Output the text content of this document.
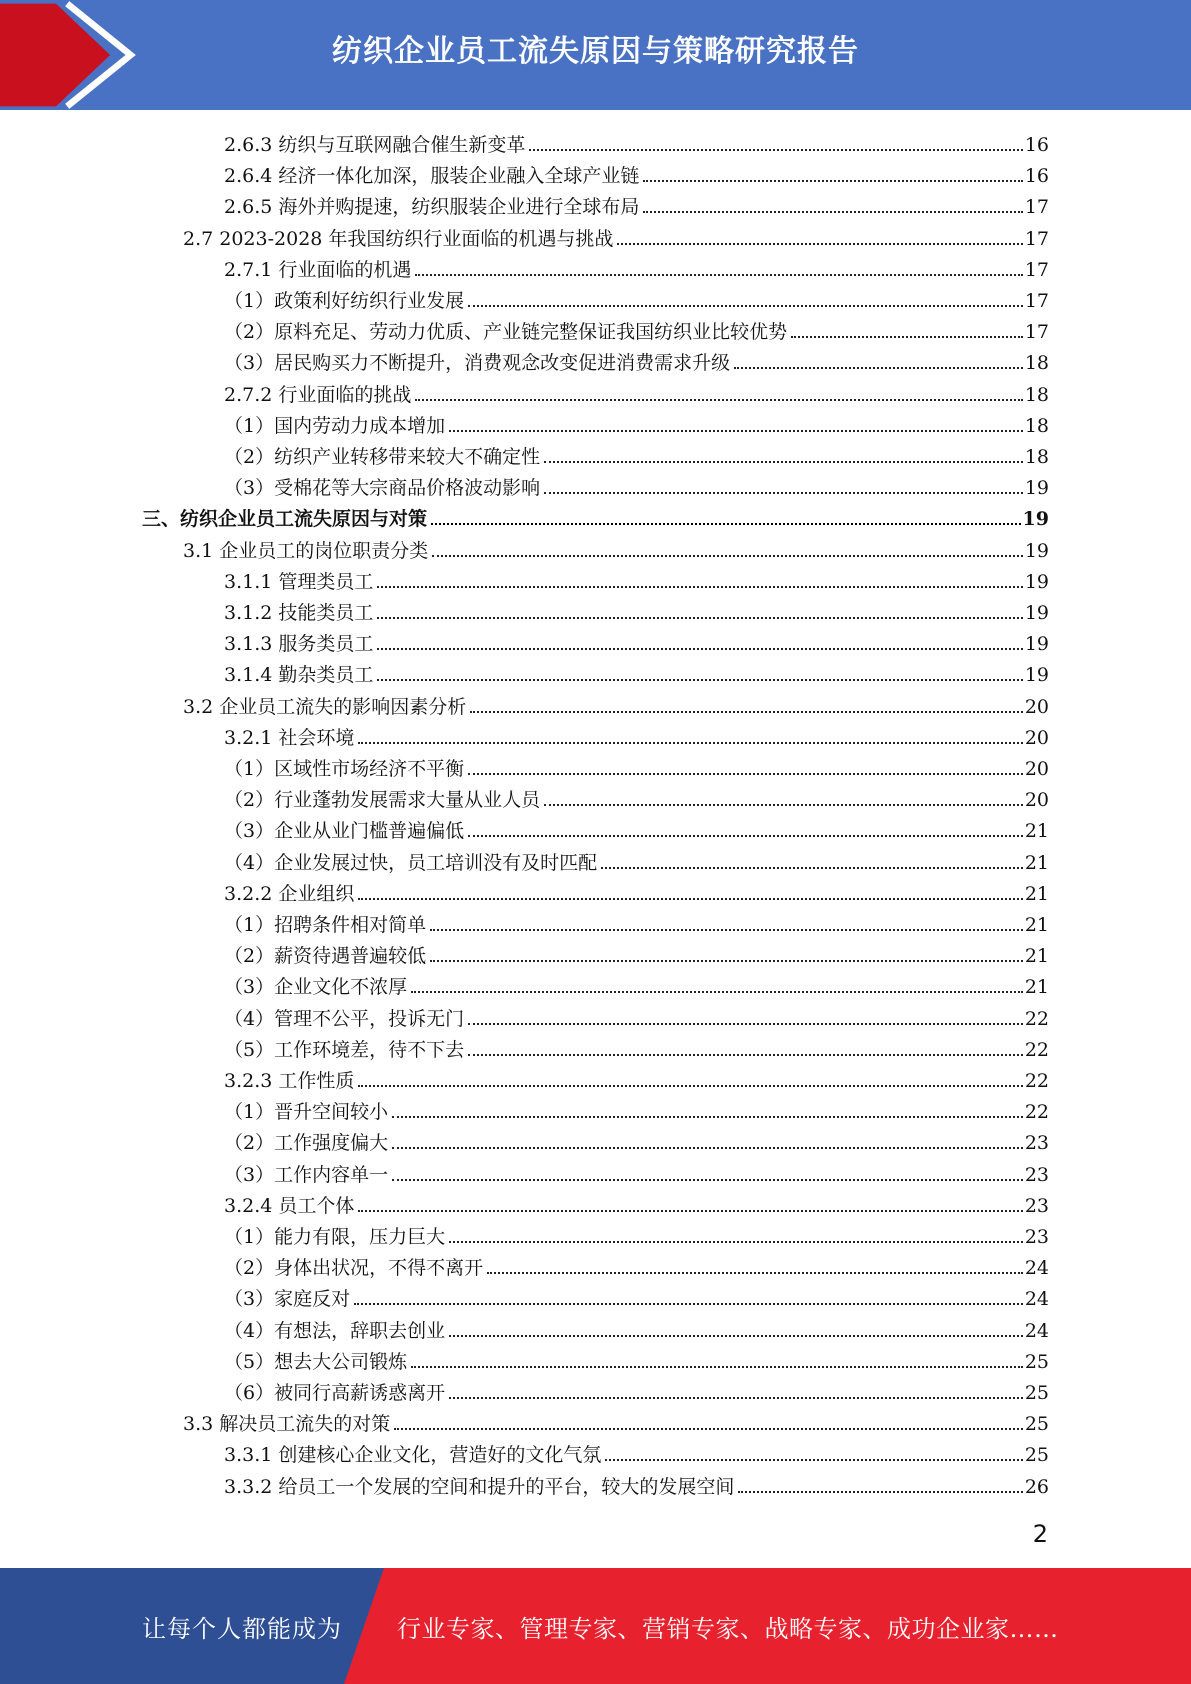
纺织企业员工流失原因与策略研究报告
2.6.3 纺织与互联网融合催生新变革	16
2.6.4 经济一体化加深，服装企业融入全球产业链	16
2.6.5 海外并购提速，纺织服装企业进行全球布局	17
2.7 2023-2028 年我国纺织行业面临的机遇与挑战	17
2.7.1 行业面临的机遇	17
（1）政策利好纺织行业发展	17
（2）原料充足、劳动力优质、产业链完整保证我国纺织业比较优势	17
（3）居民购买力不断提升，消费观念改变促进消费需求升级	18
2.7.2 行业面临的挑战	18
（1）国内劳动力成本增加	18
（2）纺织产业转移带来较大不确定性	18
（3）受棉花等大宗商品价格波动影响	19
三、纺织企业员工流失原因与对策	19
3.1 企业员工的岗位职责分类	19
3.1.1 管理类员工	19
3.1.2 技能类员工	19
3.1.3 服务类员工	19
3.1.4 勤杂类员工	19
3.2 企业员工流失的影响因素分析	20
3.2.1 社会环境	20
（1）区域性市场经济不平衡	20
（2）行业蓬勃发展需求大量从业人员	20
（3）企业从业门槛普遍偏低	21
（4）企业发展过快，员工培训没有及时匹配	21
3.2.2 企业组织	21
（1）招聘条件相对简单	21
（2）薪资待遇普遍较低	21
（3）企业文化不浓厚	21
（4）管理不公平，投诉无门	22
（5）工作环境差，待不下去	22
3.2.3 工作性质	22
（1）晋升空间较小	22
（2）工作强度偏大	23
（3）工作内容单一	23
3.2.4 员工个体	23
（1）能力有限，压力巨大	23
（2）身体出状况，不得不离开	24
（3）家庭反对	24
（4）有想法，辞职去创业	24
（5）想去大公司锻炼	25
（6）被同行高薪诱惑离开	25
3.3 解决员工流失的对策	25
3.3.1 创建核心企业文化，营造好的文化气氛	25
3.3.2 给员工一个发展的空间和提升的平台，较大的发展空间	26
2
让每个人都能成为 行业专家、管理专家、营销专家、战略专家、成功企业家……
